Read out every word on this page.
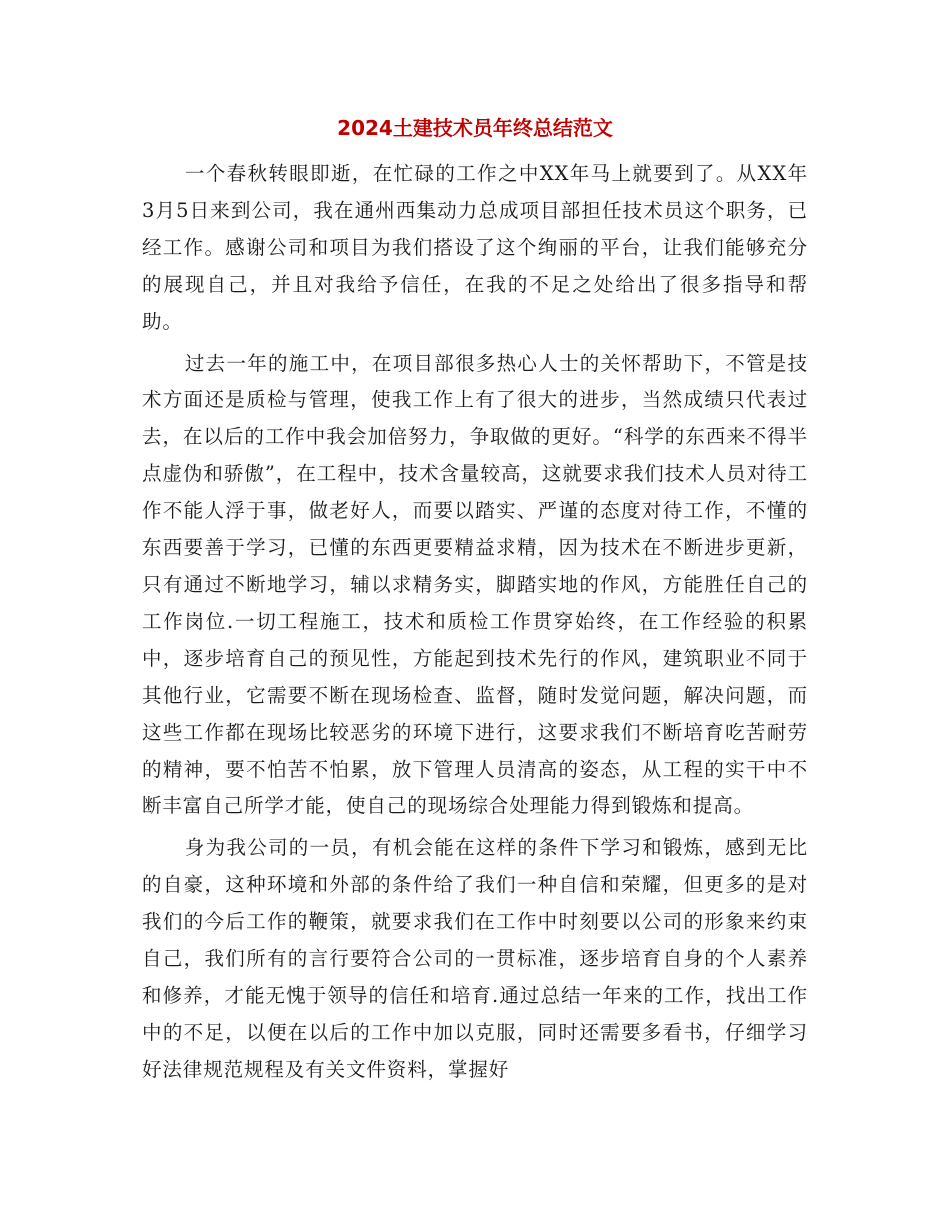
2024土建技术员年终总结范文

一个春秋转眼即逝，在忙碌的工作之中XX年马上就要到了。从XX年3月5日来到公司，我在通州西集动力总成项目部担任技术员这个职务，已经工作。感谢公司和项目为我们搭设了这个绚丽的平台，让我们能够充分的展现自己，并且对我给予信任，在我的不足之处给出了很多指导和帮助。

过去一年的施工中，在项目部很多热心人士的关怀帮助下，不管是技术方面还是质检与管理，使我工作上有了很大的进步，当然成绩只代表过去，在以后的工作中我会加倍努力，争取做的更好。“科学的东西来不得半点虚伪和骄傲”，在工程中，技术含量较高，这就要求我们技术人员对待工作不能人浮于事，做老好人，而要以踏实、严谨的态度对待工作，不懂的东西要善于学习，已懂的东西更要精益求精，因为技术在不断进步更新，只有通过不断地学习，辅以求精务实，脚踏实地的作风，方能胜任自己的工作岗位.一切工程施工，技术和质检工作贯穿始终，在工作经验的积累中，逐步培育自己的预见性，方能起到技术先行的作风，建筑职业不同于其他行业，它需要不断在现场检查、监督，随时发觉问题，解决问题，而这些工作都在现场比较恶劣的环境下进行，这要求我们不断培育吃苦耐劳的精神，要不怕苦不怕累，放下管理人员清高的姿态，从工程的实干中不断丰富自己所学才能，使自己的现场综合处理能力得到锻炼和提高。

身为我公司的一员，有机会能在这样的条件下学习和锻炼，感到无比的自豪，这种环境和外部的条件给了我们一种自信和荣耀，但更多的是对我们的今后工作的鞭策，就要求我们在工作中时刻要以公司的形象来约束自己，我们所有的言行要符合公司的一贯标准，逐步培育自身的个人素养和修养，才能无愧于领导的信任和培育.通过总结一年来的工作，找出工作中的不足，以便在以后的工作中加以克服，同时还需要多看书，仔细学习好法律规范规程及有关文件资料，掌握好
